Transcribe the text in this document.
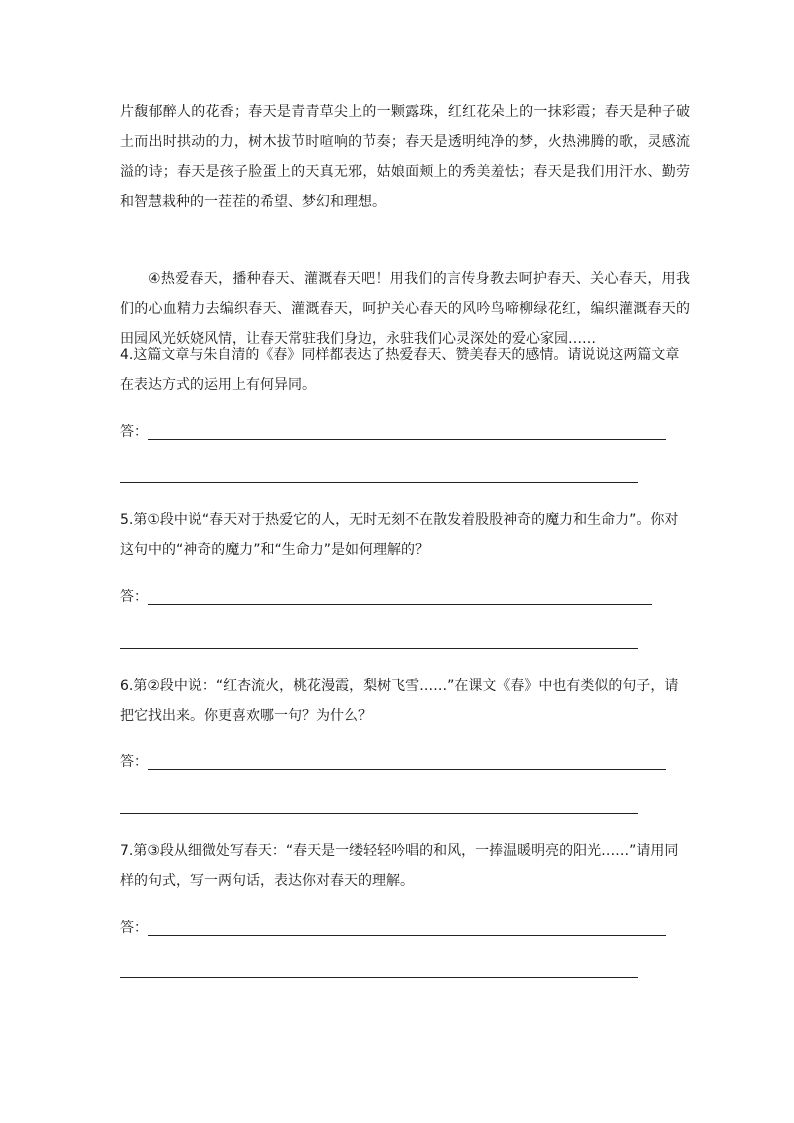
片馥郁醉人的花香；春天是青青草尖上的一颗露珠，红红花朵上的一抹彩霞；春天是种子破土而出时拱动的力，树木拔节时喧响的节奏；春天是透明纯净的梦，火热沸腾的歌，灵感流溢的诗；春天是孩子脸蛋上的天真无邪，姑娘面颊上的秀美羞怯；春天是我们用汗水、勤劳和智慧栽种的一茬茬的希望、梦幻和理想。

④热爱春天，播种春天、灌溉春天吧！用我们的言传身教去呵护春天、关心春天，用我们的心血精力去编织春天、灌溉春天，呵护关心春天的风吟鸟啼柳绿花红，编织灌溉春天的田园风光妖娆风情，让春天常驻我们身边，永驻我们心灵深处的爱心家园……

4.这篇文章与朱自清的《春》同样都表达了热爱春天、赞美春天的感情。请说说这两篇文章在表达方式的运用上有何异同。

答：

5.第①段中说“春天对于热爱它的人，无时无刻不在散发着股股神奇的魔力和生命力”。你对这句中的“神奇的魔力”和“生命力”是如何理解的？

答：

6.第②段中说：“红杏流火，桃花漫霞，梨树飞雪……”在课文《春》中也有类似的句子，请把它找出来。你更喜欢哪一句？为什么？

答：

7.第③段从细微处写春天：“春天是一缕轻轻吟唱的和风，一捧温暖明亮的阳光……”请用同样的句式，写一两句话，表达你对春天的理解。

答：
